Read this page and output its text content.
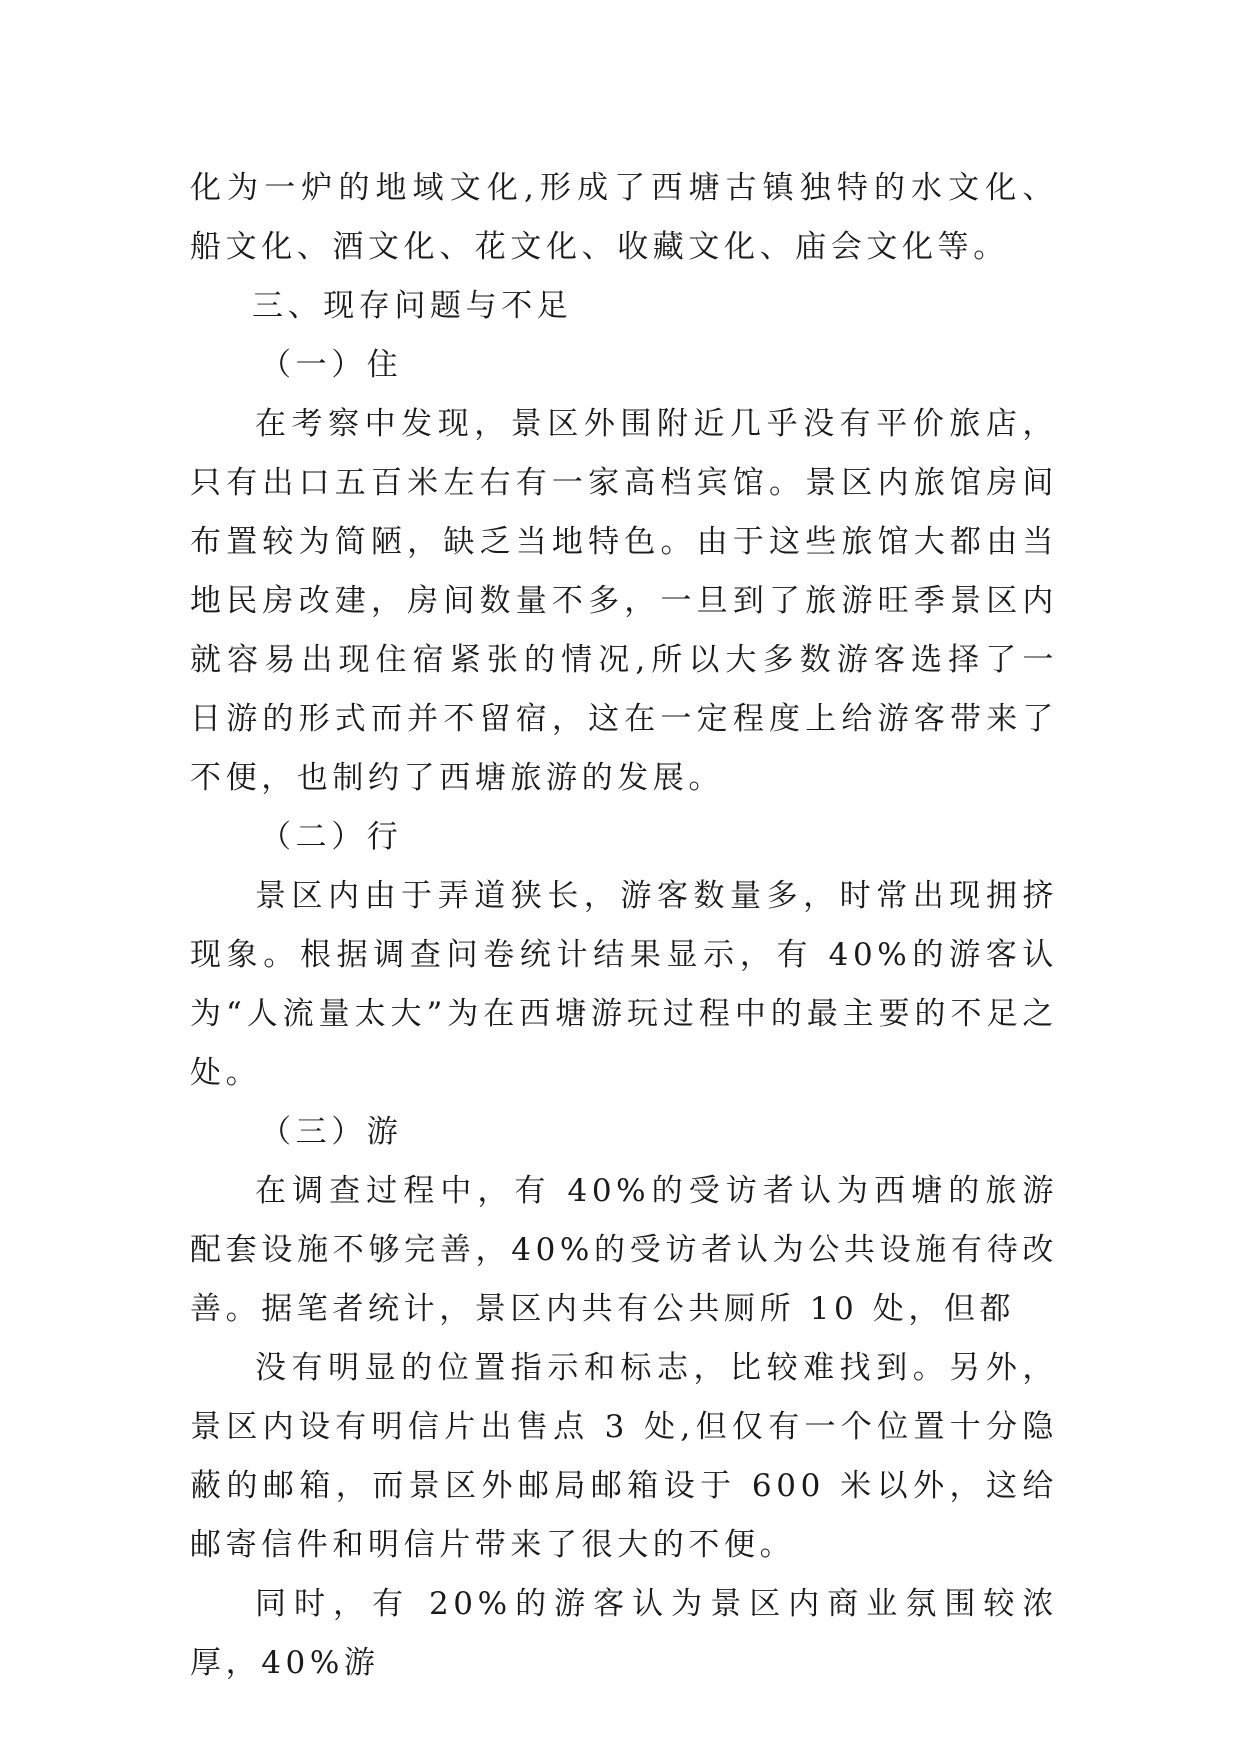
化为一炉的地域文化,形成了西塘古镇独特的水文化、船文化、酒文化、花文化、收藏文化、庙会文化等。

三、现存问题与不足

（一）住

在考察中发现，景区外围附近几乎没有平价旅店，只有出口五百米左右有一家高档宾馆。景区内旅馆房间布置较为简陋，缺乏当地特色。由于这些旅馆大都由当地民房改建，房间数量不多，一旦到了旅游旺季景区内就容易出现住宿紧张的情况,所以大多数游客选择了一日游的形式而并不留宿，这在一定程度上给游客带来了不便，也制约了西塘旅游的发展。

（二）行

景区内由于弄道狭长，游客数量多，时常出现拥挤现象。根据调查问卷统计结果显示，有 40%的游客认为“人流量太大”为在西塘游玩过程中的最主要的不足之处。

（三）游

在调查过程中，有 40%的受访者认为西塘的旅游配套设施不够完善，40%的受访者认为公共设施有待改善。据笔者统计，景区内共有公共厕所 10 处，但都

没有明显的位置指示和标志，比较难找到。另外，景区内设有明信片出售点 3 处,但仅有一个位置十分隐蔽的邮箱，而景区外邮局邮箱设于 600 米以外，这给邮寄信件和明信片带来了很大的不便。

同时，有 20%的游客认为景区内商业氛围较浓厚，40%游
